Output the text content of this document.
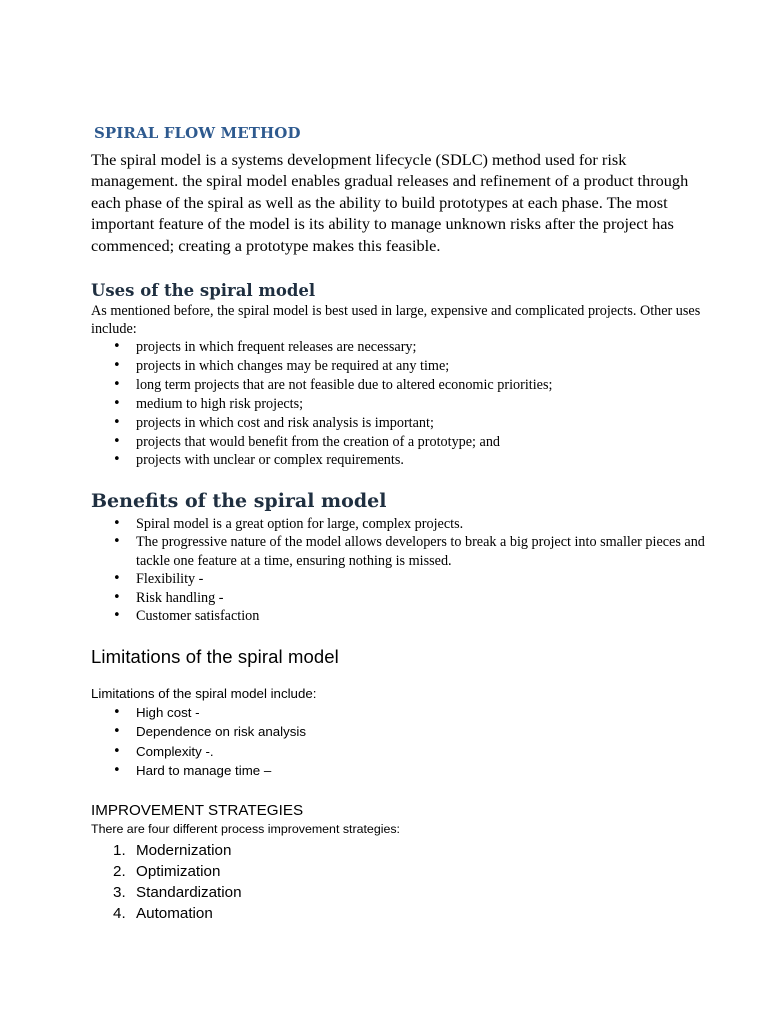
SPIRAL FLOW METHOD

The spiral model is a systems development lifecycle (SDLC) method used for risk management. the spiral model enables gradual releases and refinement of a product through each phase of the spiral as well as the ability to build prototypes at each phase. The most important feature of the model is its ability to manage unknown risks after the project has commenced; creating a prototype makes this feasible.

Uses of the spiral model

As mentioned before, the spiral model is best used in large, expensive and complicated projects. Other uses include:

• projects in which frequent releases are necessary;
• projects in which changes may be required at any time;
• long term projects that are not feasible due to altered economic priorities;
• medium to high risk projects;
• projects in which cost and risk analysis is important;
• projects that would benefit from the creation of a prototype; and
• projects with unclear or complex requirements.
Benefits of the spiral model
• Spiral model is a great option for large, complex projects.
• The progressive nature of the model allows developers to break a big project into smaller pieces and tackle one feature at a time, ensuring nothing is missed.
• Flexibility -
• Risk handling -
• Customer satisfaction
Limitations of the spiral model

Limitations of the spiral model include:

• High cost -
• Dependence on risk analysis
• Complexity -.
• Hard to manage time –
IMPROVEMENT STRATEGIES

There are four different process improvement strategies:

1. Modernization
2. Optimization
3. Standardization
4. Automation
